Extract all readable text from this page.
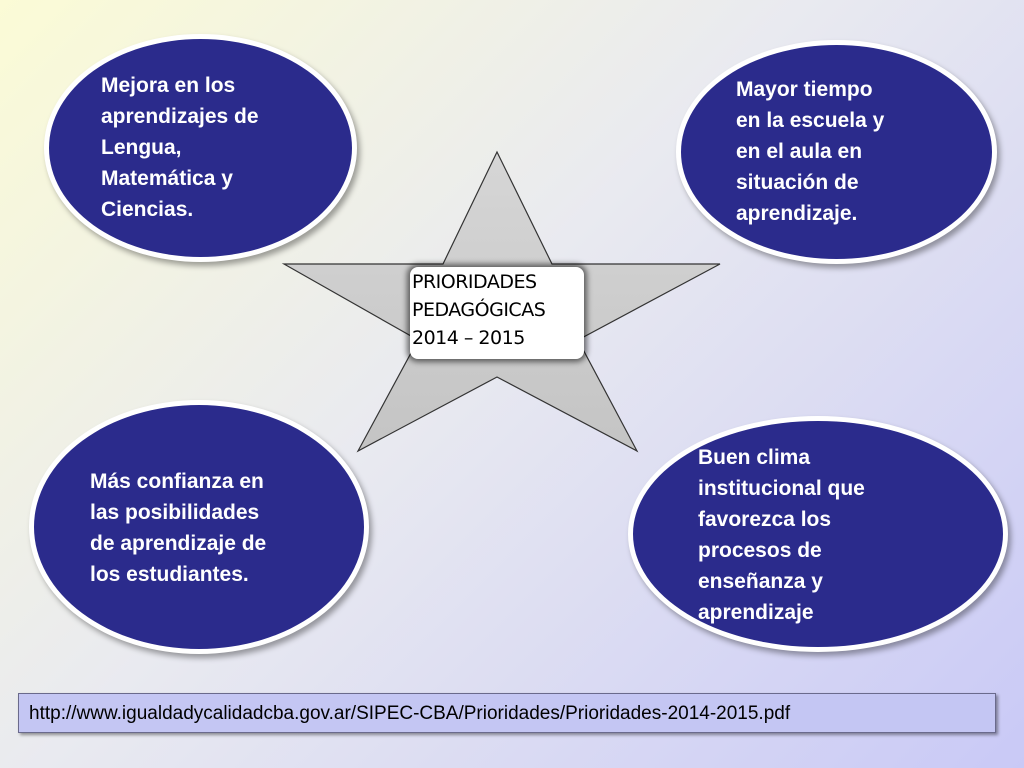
PRIORIDADES
PEDAGÓGICAS
2014 – 2015

Mejora en los
aprendizajes de
Lengua,
Matemática y
Ciencias.

Mayor tiempo
en la escuela y
en el aula en
situación de
aprendizaje.

Más confianza en
las posibilidades
de aprendizaje de
los estudiantes.

Buen clima
institucional que
favorezca los
procesos de
enseñanza y
aprendizaje

http://www.igualdadycalidadcba.gov.ar/SIPEC-CBA/Prioridades/Prioridades-2014-2015.pdf
